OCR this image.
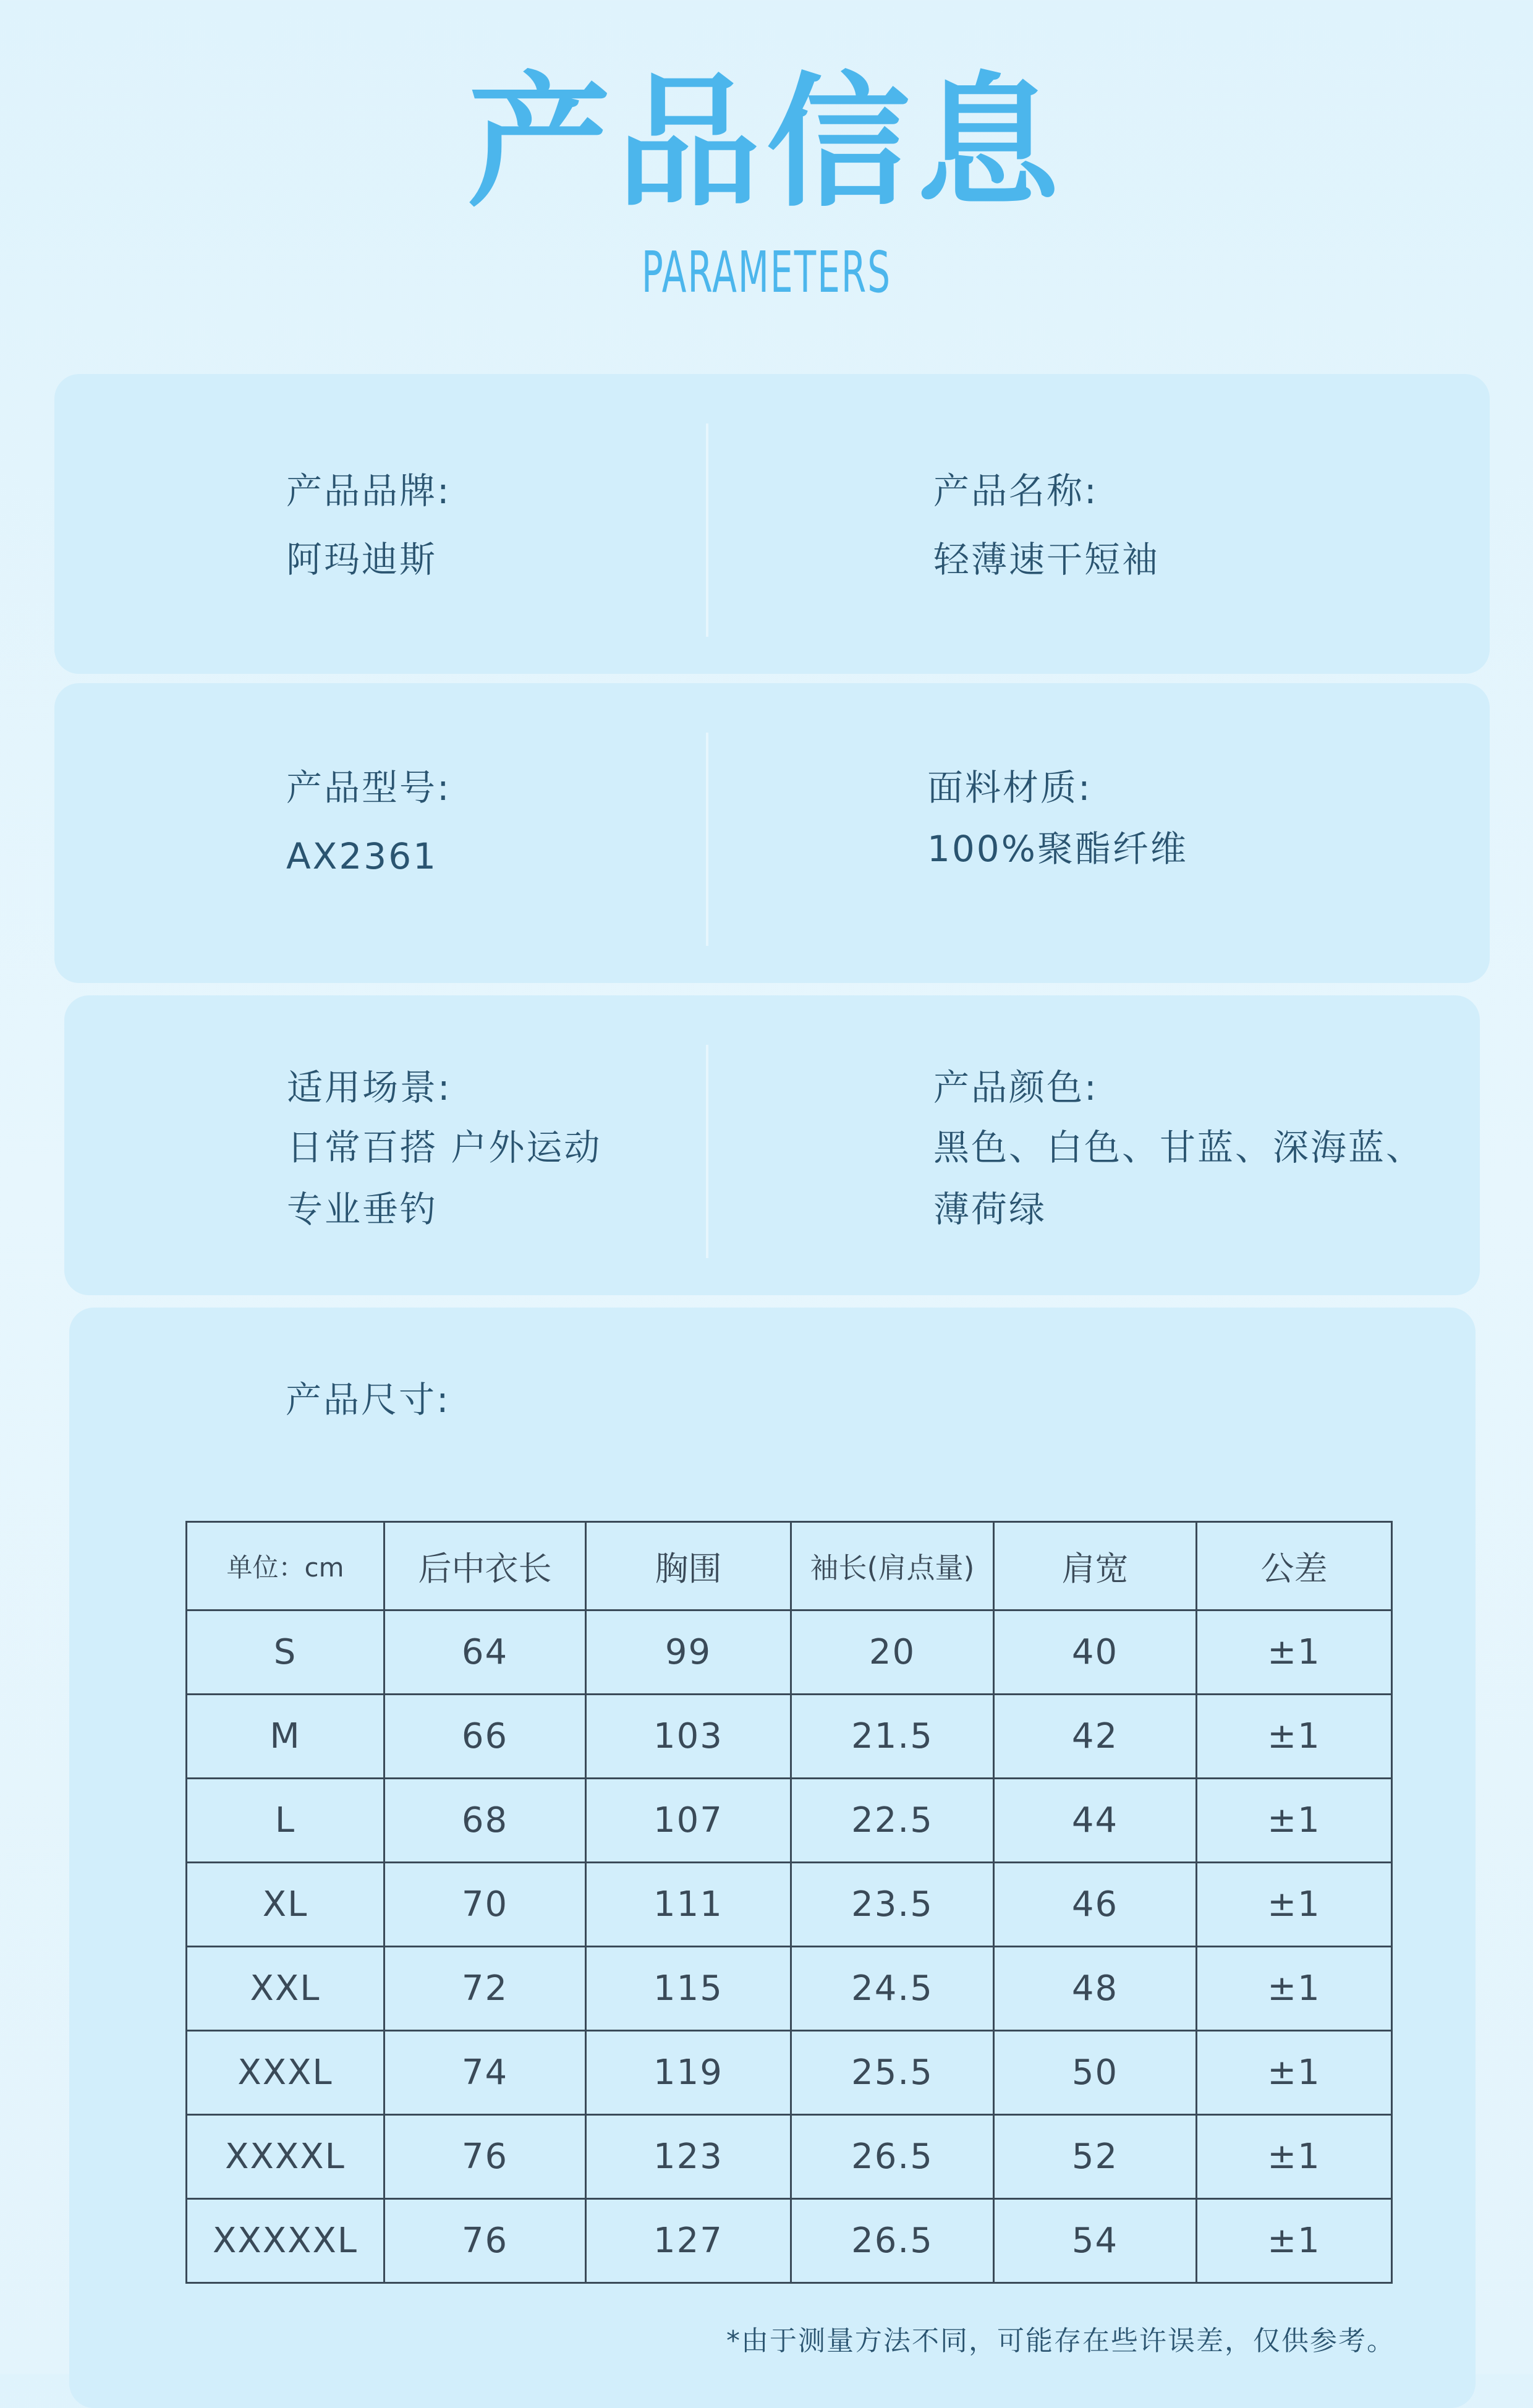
产品信息
PARAMETERS
产品品牌:
阿玛迪斯
产品名称:
轻薄速干短袖
产品型号:
AX2361
面料材质:
100%聚酯纤维
适用场景:
日常百搭 户外运动
专业垂钓
产品颜色:
黑色、白色、甘蓝、深海蓝、
薄荷绿
产品尺寸:
单位：cm	后中衣长	胸围	袖长(肩点量)	肩宽	公差
S	64	99	20	40	±1
M	66	103	21.5	42	±1
L	68	107	22.5	44	±1
XL	70	111	23.5	46	±1
XXL	72	115	24.5	48	±1
XXXL	74	119	25.5	50	±1
XXXXL	76	123	26.5	52	±1
XXXXXL	76	127	26.5	54	±1
*由于测量方法不同，可能存在些许误差，仅供参考。
